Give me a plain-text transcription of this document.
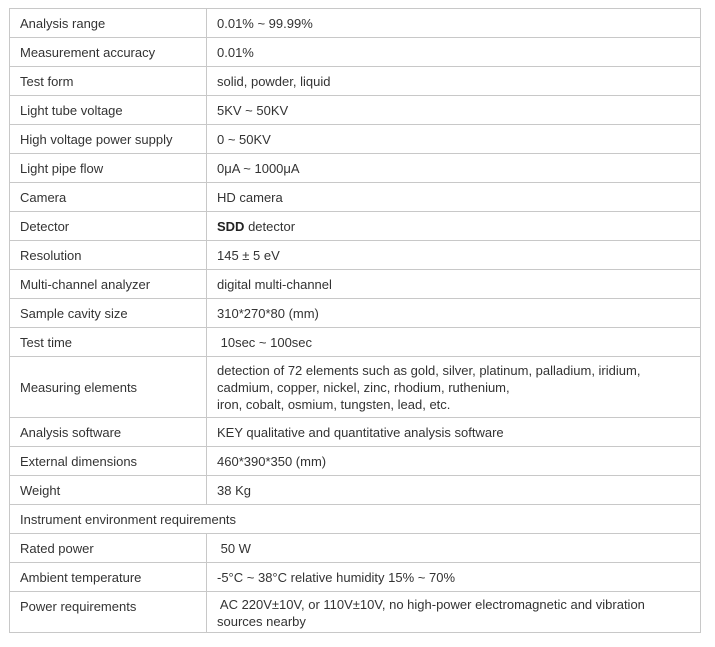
Analysis range	0.01% ~ 99.99%
Measurement accuracy	0.01%
Test form	solid, powder, liquid
Light tube voltage	5KV ~ 50KV
High voltage power supply	0 ~ 50KV
Light pipe flow	0μA ~ 1000μA
Camera	HD camera
Detector	SDD detector
Resolution	145 ± 5 eV
Multi-channel analyzer	digital multi-channel
Sample cavity size	310*270*80 (mm)
Test time	10sec ~ 100sec
Measuring elements	detection of 72 elements such as gold, silver, platinum, palladium, iridium,
cadmium, copper, nickel, zinc, rhodium, ruthenium,
iron, cobalt, osmium, tungsten, lead, etc.

Analysis software	KEY qualitative and quantitative analysis software
External dimensions	460*390*350 (mm)
Weight	38 Kg
Instrument environment requirements	
Rated power	50 W
Ambient temperature	-5°C ~ 38°C relative humidity 15% ~ 70%
Power requirements	AC 220V±10V, or 110V±10V, no high-power electromagnetic and vibration
sources nearby
